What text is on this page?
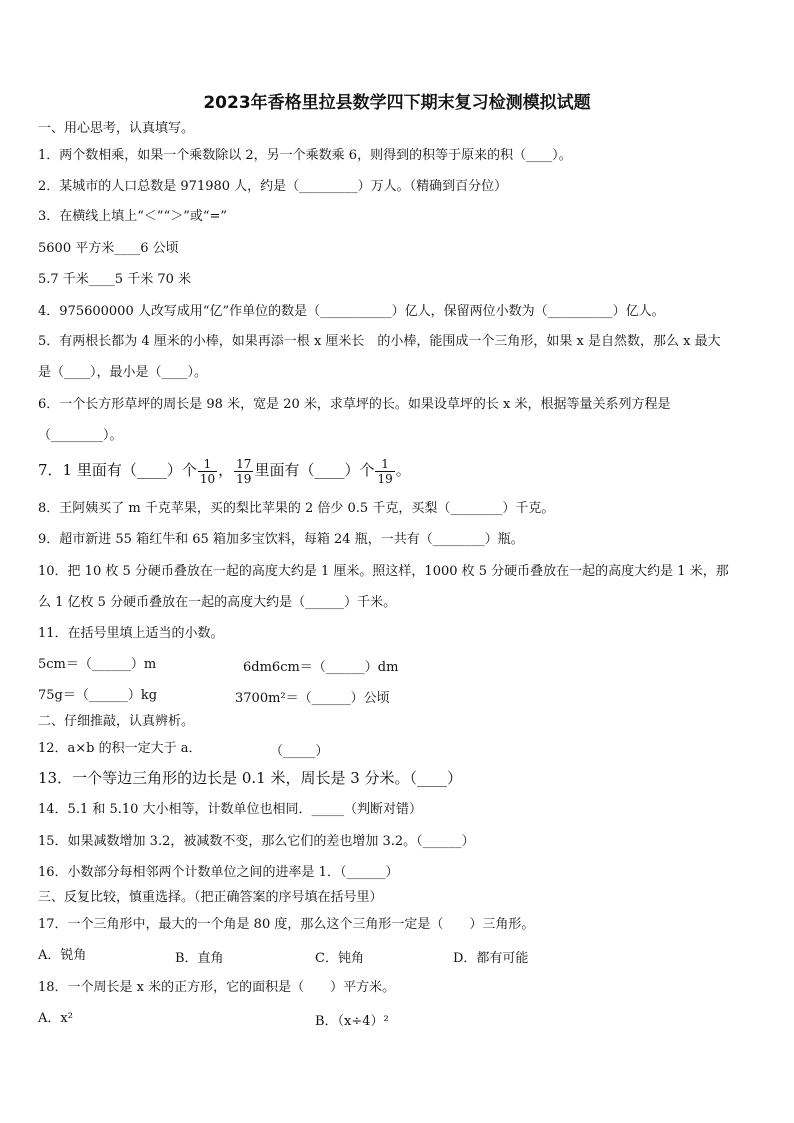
2023年香格里拉县数学四下期末复习检测模拟试题
一、用心思考，认真填写。
1．两个数相乘，如果一个乘数除以 2，另一个乘数乘 6，则得到的积等于原来的积（____）。
2．某城市的人口总数是 971980 人，约是（_________）万人。（精确到百分位）
3．在横线上填上“＜”“＞”或“=”
5600 平方米____6 公顷
5.7 千米____5 千米 70 米
4．975600000 人改写成用“亿”作单位的数是（___________）亿人，保留两位小数为（__________）亿人。
5．有两根长都为 4 厘米的小棒，如果再添一根 x 厘米长　的小棒，能围成一个三角形，如果 x 是自然数，那么 x 最大
是（____），最小是（____）。
6．一个长方形草坪的周长是 98 米，宽是 20 米，求草坪的长。如果设草坪的长 x 米，根据等量关系列方程是
（________）。
7．1 里面有（____）个 $\frac{1}{10}$ ， $\frac{17}{19}$ 里面有（____）个 $\frac{1}{19}$ 。
8．王阿姨买了 m 千克苹果，买的梨比苹果的 2 倍少 0.5 千克，买梨（________）千克。
9．超市新进 55 箱红牛和 65 箱加多宝饮料，每箱 24 瓶，一共有（________）瓶。
10．把 10 枚 5 分硬币叠放在一起的高度大约是 1 厘米。照这样，1000 枚 5 分硬币叠放在一起的高度大约是 1 米，那
么 1 亿枚 5 分硬币叠放在一起的高度大约是（______）千米。
11．在括号里填上适当的小数。
5cm＝（______）m	6dm6cm＝（______）dm
75g＝（______）kg	3700m²＝（______）公顷
二、仔细推敲，认真辨析。
12．a×b 的积一定大于 a．	（_____）
13．一个等边三角形的边长是 0.1 米，周长是 3 分米。（____）
14．5.1 和 5.10 大小相等，计数单位也相同．_____（判断对错）
15．如果减数增加 3.2，被减数不变，那么它们的差也增加 3.2。（______）
16．小数部分每相邻两个计数单位之间的进率是 1．（______）
三、反复比较，慎重选择。（把正确答案的序号填在括号里）
17．一个三角形中，最大的一个角是 80 度，那么这个三角形一定是（　　）三角形。
A．锐角	B．直角	C．钝角	D．都有可能
18．一个周长是 x 米的正方形，它的面积是（　　）平方米。
A．x²	B．（x÷4）²
